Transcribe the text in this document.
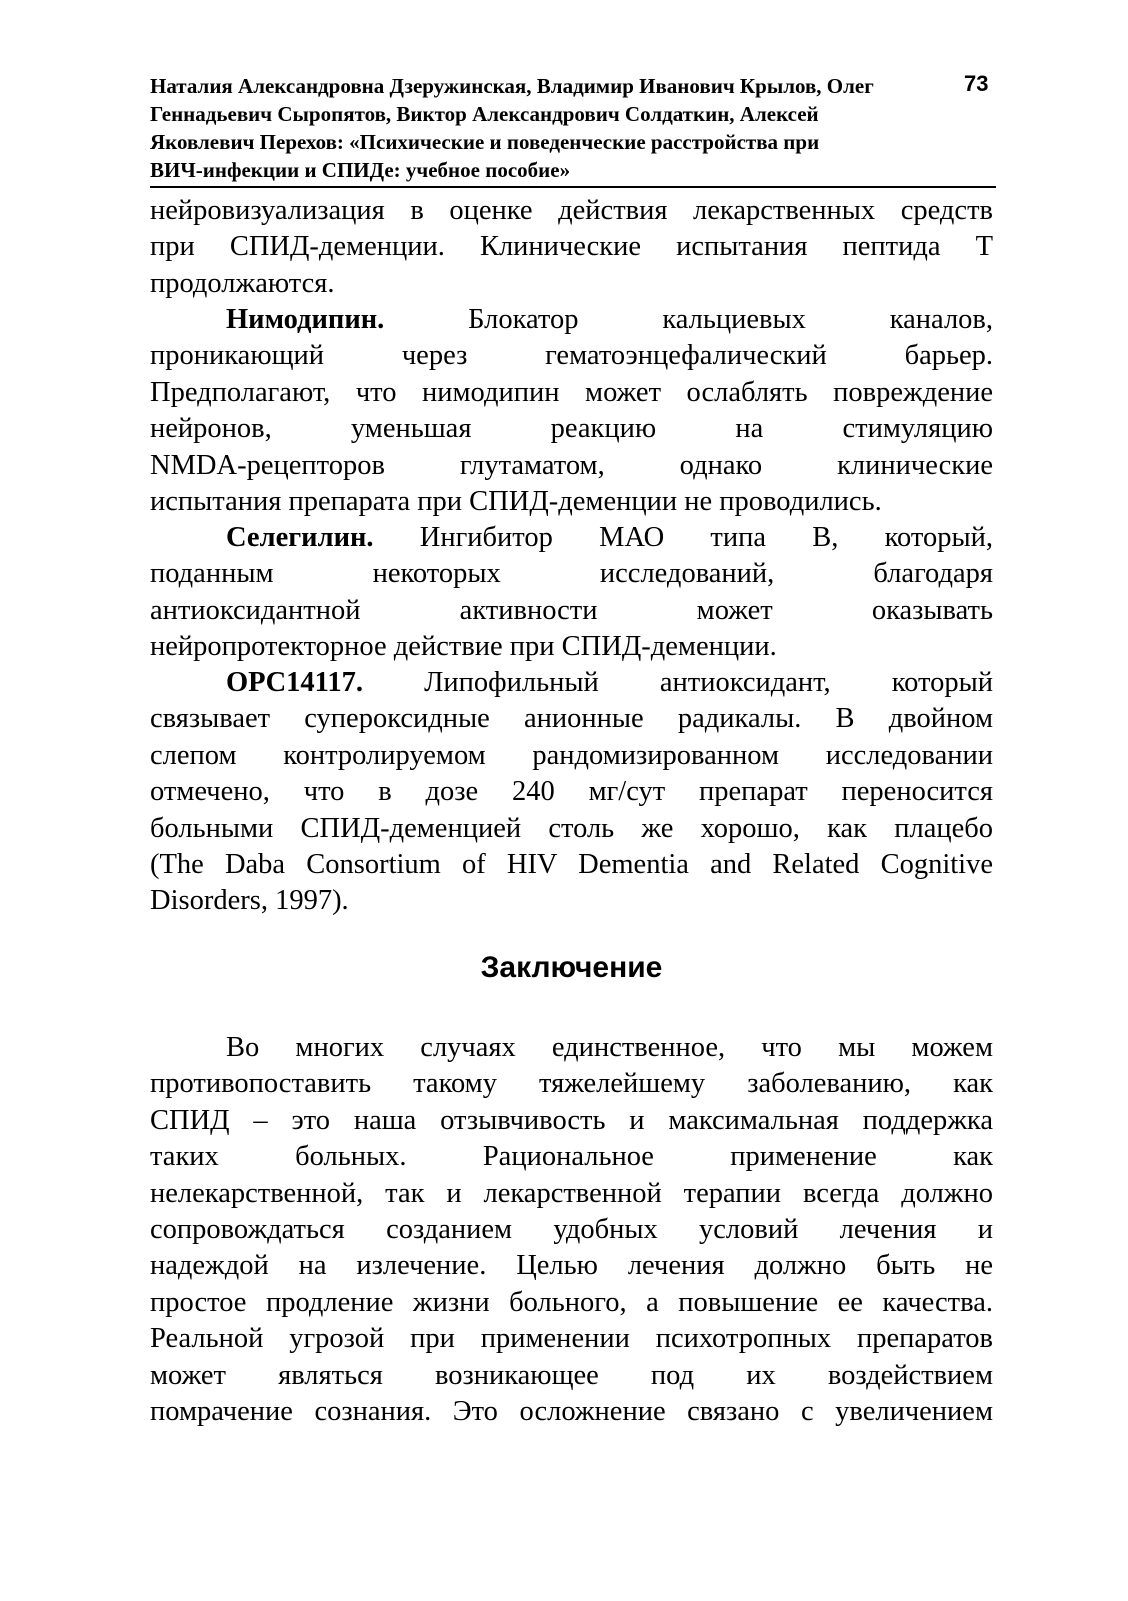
Наталия Александровна Дзеружинская, Владимир Иванович Крылов, Олег
Геннадьевич Сыропятов, Виктор Александрович Солдаткин, Алексей
Яковлевич Перехов: «Психические и поведенческие расстройства при
ВИЧ-инфекции и СПИДе: учебное пособие»
73
нейровизуализация в оценке действия лекарственных средств
при СПИД-деменции. Клинические испытания пептида Т
продолжаются.
Нимодипин.	Блокатор кальциевых каналов,
проникающий через гематоэнцефалический барьер.
Предполагают, что нимодипин может ослаблять повреждение
нейронов, уменьшая реакцию на стимуляцию
NMDA-рецепторов глутаматом, однако клинические
испытания препарата при СПИД-деменции не проводились.
Селегилин. Ингибитор МАО типа В, который,
поданным некоторых исследований, благодаря
антиоксидантной активности может оказывать
нейропротекторное действие при СПИД-деменции.
OPC14117. Липофильный антиоксидант, который
связывает супероксидные анионные радикалы. В двойном
слепом контролируемом рандомизированном исследовании
отмечено, что в дозе 240 мг/сут препарат переносится
больными СПИД-деменцией столь же хорошо, как плацебо
(The Daba Consortium of HIV Dementia and Related Cognitive
Disorders, 1997).
Заключение
Во многих случаях единственное, что мы можем
противопоставить такому тяжелейшему заболеванию, как
СПИД – это наша отзывчивость и максимальная поддержка
таких больных. Рациональное применение как
нелекарственной, так и лекарственной терапии всегда должно
сопровождаться созданием удобных условий лечения и
надеждой на излечение. Целью лечения должно быть не
простое продление жизни больного, а повышение ее качества.
Реальной угрозой при применении психотропных препаратов
может являться возникающее под их воздействием
помрачение сознания. Это осложнение связано с увеличением
